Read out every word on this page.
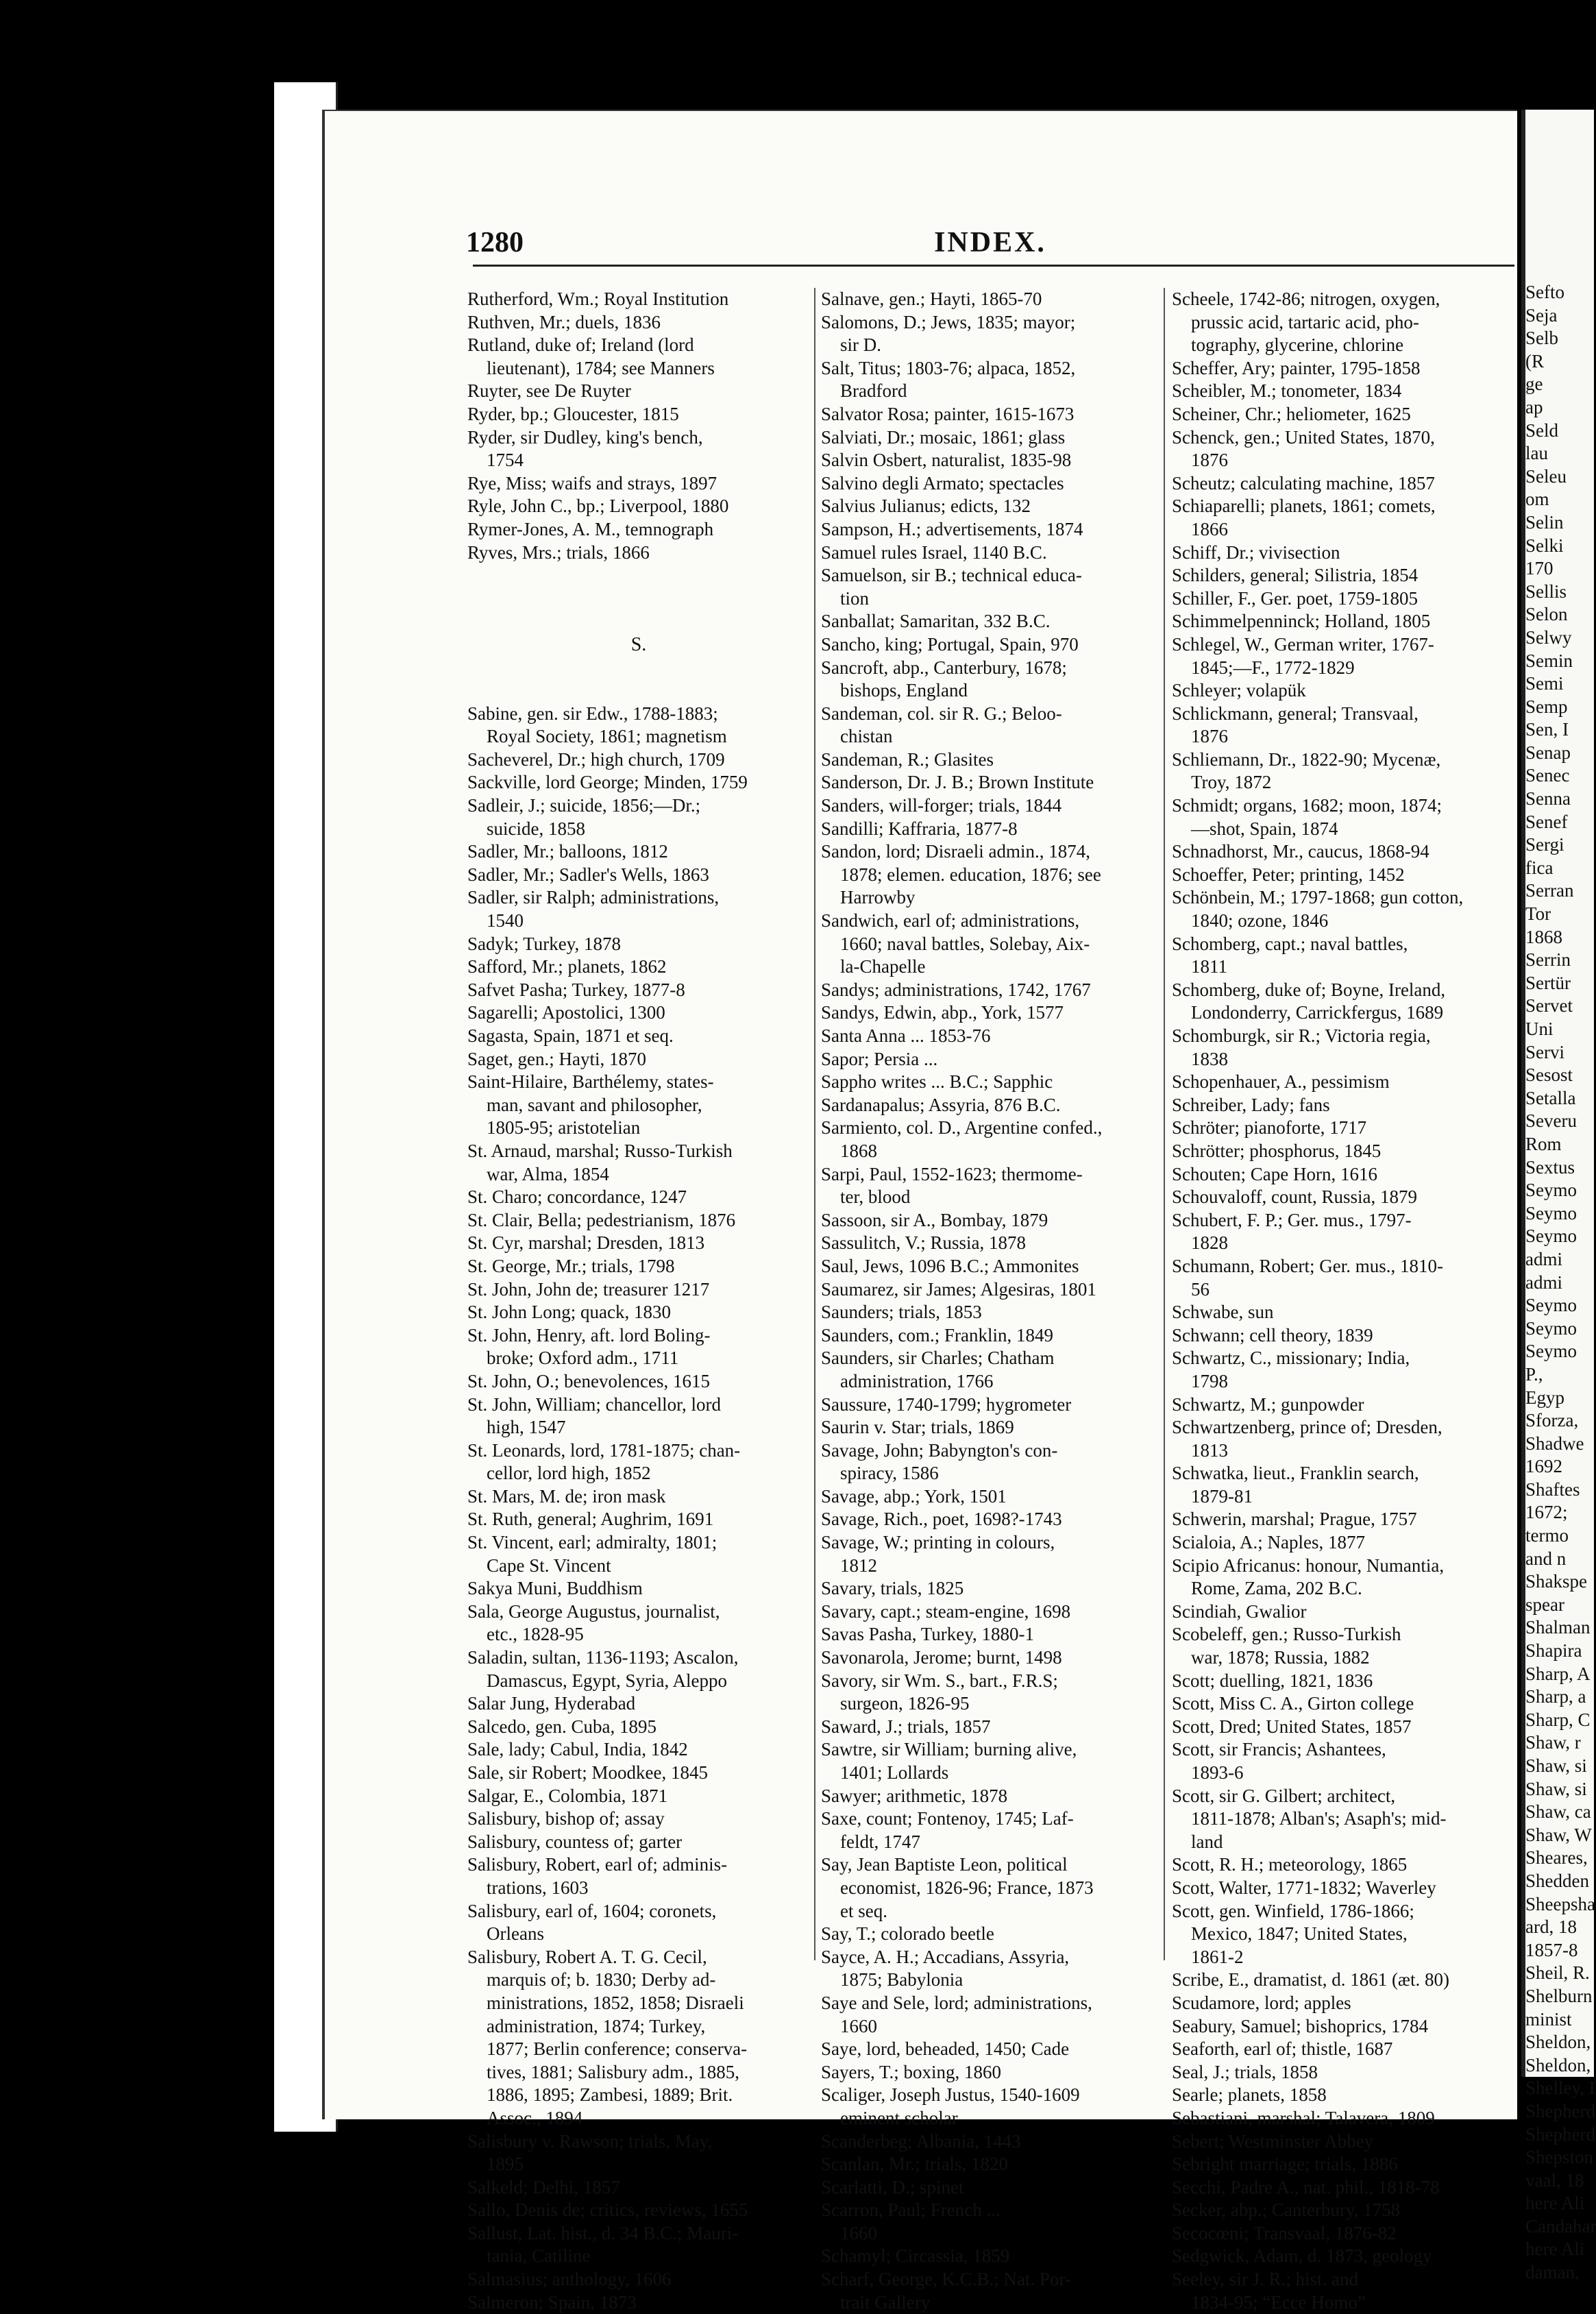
Sefto
Seja
Selb
(R
ge
ap
Seld
lau
Seleu
om
Selin
Selki
170
Sellis
Selon
Selwy
Semin
Semi
Semp
Sen, I
Senap
Senec
Senna
Senef
Sergi
fica
Serran
Tor
1868
Serrin
Sertür
Servet
Uni
Servi
Sesost
Setalla
Severu
Rom
Sextus
Seymo
Seymo
Seymo
admi
admi
Seymo
Seymo
Seymo
P.,
Egyp
Sforza,
Shadwe
1692
Shaftes
1672;
termo
and n
Shakspe
spear
Shalman
Shapira
Sharp, A
Sharp, a
Sharp, C
Shaw, r
Shaw, si
Shaw, si
Shaw, ca
Shaw, W
Sheares,
Shedden
Sheepsha
ard, 18
1857-8
Sheil, R.
Shelburn
minist
Sheldon,
Sheldon,
Shelley, I
Shepherd
Shepherd
Shepston
vaal, 18
here Ali
Candahar
here Ali
daman,
1280	INDEX.
Rutherford, Wm.; Royal Institution
Ruthven, Mr.; duels, 1836
Rutland, duke of; Ireland (lord
lieutenant), 1784; see Manners
Ruyter, see De Ruyter
Ryder, bp.; Gloucester, 1815
Ryder, sir Dudley, king's bench,
1754
Rye, Miss; waifs and strays, 1897
Ryle, John C., bp.; Liverpool, 1880
Rymer-Jones, A. M., temnograph
Ryves, Mrs.; trials, 1866
S.
Sabine, gen. sir Edw., 1788-1883;
Royal Society, 1861; magnetism
Sacheverel, Dr.; high church, 1709
Sackville, lord George; Minden, 1759
Sadleir, J.; suicide, 1856;—Dr.;
suicide, 1858
Sadler, Mr.; balloons, 1812
Sadler, Mr.; Sadler's Wells, 1863
Sadler, sir Ralph; administrations,
1540
Sadyk; Turkey, 1878
Safford, Mr.; planets, 1862
Safvet Pasha; Turkey, 1877-8
Sagarelli; Apostolici, 1300
Sagasta, Spain, 1871 et seq.
Saget, gen.; Hayti, 1870
Saint-Hilaire, Barthélemy, states-
man, savant and philosopher,
1805-95; aristotelian
St. Arnaud, marshal; Russo-Turkish
war, Alma, 1854
St. Charo; concordance, 1247
St. Clair, Bella; pedestrianism, 1876
St. Cyr, marshal; Dresden, 1813
St. George, Mr.; trials, 1798
St. John, John de; treasurer 1217
St. John Long; quack, 1830
St. John, Henry, aft. lord Boling-
broke; Oxford adm., 1711
St. John, O.; benevolences, 1615
St. John, William; chancellor, lord
high, 1547
St. Leonards, lord, 1781-1875; chan-
cellor, lord high, 1852
St. Mars, M. de; iron mask
St. Ruth, general; Aughrim, 1691
St. Vincent, earl; admiralty, 1801;
Cape St. Vincent
Sakya Muni, Buddhism
Sala, George Augustus, journalist,
etc., 1828-95
Saladin, sultan, 1136-1193; Ascalon,
Damascus, Egypt, Syria, Aleppo
Salar Jung, Hyderabad
Salcedo, gen. Cuba, 1895
Sale, lady; Cabul, India, 1842
Sale, sir Robert; Moodkee, 1845
Salgar, E., Colombia, 1871
Salisbury, bishop of; assay
Salisbury, countess of; garter
Salisbury, Robert, earl of; adminis-
trations, 1603
Salisbury, earl of, 1604; coronets,
Orleans
Salisbury, Robert A. T. G. Cecil,
marquis of; b. 1830; Derby ad-
ministrations, 1852, 1858; Disraeli
administration, 1874; Turkey,
1877; Berlin conference; conserva-
tives, 1881; Salisbury adm., 1885,
1886, 1895; Zambesi, 1889; Brit.
Assoc., 1894
Salisbury v. Rawson; trials, May,
1895
Salkeld; Delhi, 1857
Sallo, Denis de; critics, reviews, 1655
Sallust, Lat. hist., d. 34 B.C.; Mauri-
tania, Catiline
Salmasius; anthology, 1606
Salmeron; Spain, 1873
Salnave, gen.; Hayti, 1865-70
Salomons, D.; Jews, 1835; mayor;
sir D.
Salt, Titus; 1803-76; alpaca, 1852,
Bradford
Salvator Rosa; painter, 1615-1673
Salviati, Dr.; mosaic, 1861; glass
Salvin Osbert, naturalist, 1835-98
Salvino degli Armato; spectacles
Salvius Julianus; edicts, 132
Sampson, H.; advertisements, 1874
Samuel rules Israel, 1140 B.C.
Samuelson, sir B.; technical educa-
tion
Sanballat; Samaritan, 332 B.C.
Sancho, king; Portugal, Spain, 970
Sancroft, abp., Canterbury, 1678;
bishops, England
Sandeman, col. sir R. G.; Beloo-
chistan
Sandeman, R.; Glasites
Sanderson, Dr. J. B.; Brown Institute
Sanders, will-forger; trials, 1844
Sandilli; Kaffraria, 1877-8
Sandon, lord; Disraeli admin., 1874,
1878; elemen. education, 1876; see
Harrowby
Sandwich, earl of; administrations,
1660; naval battles, Solebay, Aix-
la-Chapelle
Sandys; administrations, 1742, 1767
Sandys, Edwin, abp., York, 1577
Santa Anna ... 1853-76
Sapor; Persia ...
Sappho writes ... B.C.; Sapphic
Sardanapalus; Assyria, 876 B.C.
Sarmiento, col. D., Argentine confed.,
1868
Sarpi, Paul, 1552-1623; thermome-
ter, blood
Sassoon, sir A., Bombay, 1879
Sassulitch, V.; Russia, 1878
Saul, Jews, 1096 B.C.; Ammonites
Saumarez, sir James; Algesiras, 1801
Saunders; trials, 1853
Saunders, com.; Franklin, 1849
Saunders, sir Charles; Chatham
administration, 1766
Saussure, 1740-1799; hygrometer
Saurin v. Star; trials, 1869
Savage, John; Babyngton's con-
spiracy, 1586
Savage, abp.; York, 1501
Savage, Rich., poet, 1698?-1743
Savage, W.; printing in colours,
1812
Savary, trials, 1825
Savary, capt.; steam-engine, 1698
Savas Pasha, Turkey, 1880-1
Savonarola, Jerome; burnt, 1498
Savory, sir Wm. S., bart., F.R.S;
surgeon, 1826-95
Saward, J.; trials, 1857
Sawtre, sir William; burning alive,
1401; Lollards
Sawyer; arithmetic, 1878
Saxe, count; Fontenoy, 1745; Laf-
feldt, 1747
Say, Jean Baptiste Leon, political
economist, 1826-96; France, 1873
et seq.
Say, T.; colorado beetle
Sayce, A. H.; Accadians, Assyria,
1875; Babylonia
Saye and Sele, lord; administrations,
1660
Saye, lord, beheaded, 1450; Cade
Sayers, T.; boxing, 1860
Scaliger, Joseph Justus, 1540-1609
eminent scholar
Scanderbeg; Albania, 1443
Scanlan, Mr.; trials, 1820
Scarlatti, D.; spinet
Scarron, Paul; French ...
1660
Schamyl; Circassia, 1859
Scharf, George, K.C.B.; Nat. Por-
trait Gallery
Scheele, 1742-86; nitrogen, oxygen,
prussic acid, tartaric acid, pho-
tography, glycerine, chlorine
Scheffer, Ary; painter, 1795-1858
Scheibler, M.; tonometer, 1834
Scheiner, Chr.; heliometer, 1625
Schenck, gen.; United States, 1870,
1876
Scheutz; calculating machine, 1857
Schiaparelli; planets, 1861; comets,
1866
Schiff, Dr.; vivisection
Schilders, general; Silistria, 1854
Schiller, F., Ger. poet, 1759-1805
Schimmelpenninck; Holland, 1805
Schlegel, W., German writer, 1767-
1845;—F., 1772-1829
Schleyer; volapük
Schlickmann, general; Transvaal,
1876
Schliemann, Dr., 1822-90; Mycenæ,
Troy, 1872
Schmidt; organs, 1682; moon, 1874;
—shot, Spain, 1874
Schnadhorst, Mr., caucus, 1868-94
Schoeffer, Peter; printing, 1452
Schönbein, M.; 1797-1868; gun cotton,
1840; ozone, 1846
Schomberg, capt.; naval battles,
1811
Schomberg, duke of; Boyne, Ireland,
Londonderry, Carrickfergus, 1689
Schomburgk, sir R.; Victoria regia,
1838
Schopenhauer, A., pessimism
Schreiber, Lady; fans
Schröter; pianoforte, 1717
Schrötter; phosphorus, 1845
Schouten; Cape Horn, 1616
Schouvaloff, count, Russia, 1879
Schubert, F. P.; Ger. mus., 1797-
1828
Schumann, Robert; Ger. mus., 1810-
56
Schwabe, sun
Schwann; cell theory, 1839
Schwartz, C., missionary; India,
1798
Schwartz, M.; gunpowder
Schwartzenberg, prince of; Dresden,
1813
Schwatka, lieut., Franklin search,
1879-81
Schwerin, marshal; Prague, 1757
Scialoia, A.; Naples, 1877
Scipio Africanus: honour, Numantia,
Rome, Zama, 202 B.C.
Scindiah, Gwalior
Scobeleff, gen.; Russo-Turkish
war, 1878; Russia, 1882
Scott; duelling, 1821, 1836
Scott, Miss C. A., Girton college
Scott, Dred; United States, 1857
Scott, sir Francis; Ashantees,
1893-6
Scott, sir G. Gilbert; architect,
1811-1878; Alban's; Asaph's; mid-
land
Scott, R. H.; meteorology, 1865
Scott, Walter, 1771-1832; Waverley
Scott, gen. Winfield, 1786-1866;
Mexico, 1847; United States,
1861-2
Scribe, E., dramatist, d. 1861 (æt. 80)
Scudamore, lord; apples
Seabury, Samuel; bishoprics, 1784
Seaforth, earl of; thistle, 1687
Seal, J.; trials, 1858
Searle; planets, 1858
Sebastiani, marshal; Talavera, 1809
Sebert; Westminster Abbey
Sebright marriage; trials, 1886
Secchi, Padre A., nat. phil., 1818-78
Secker, abp.; Canterbury, 1758
Secocœni; Transvaal, 1876-82
Sedgwick, Adam, d. 1873, geology
Seeley, sir J. R.; hist. and
1834-95; “Ecce Homo”
